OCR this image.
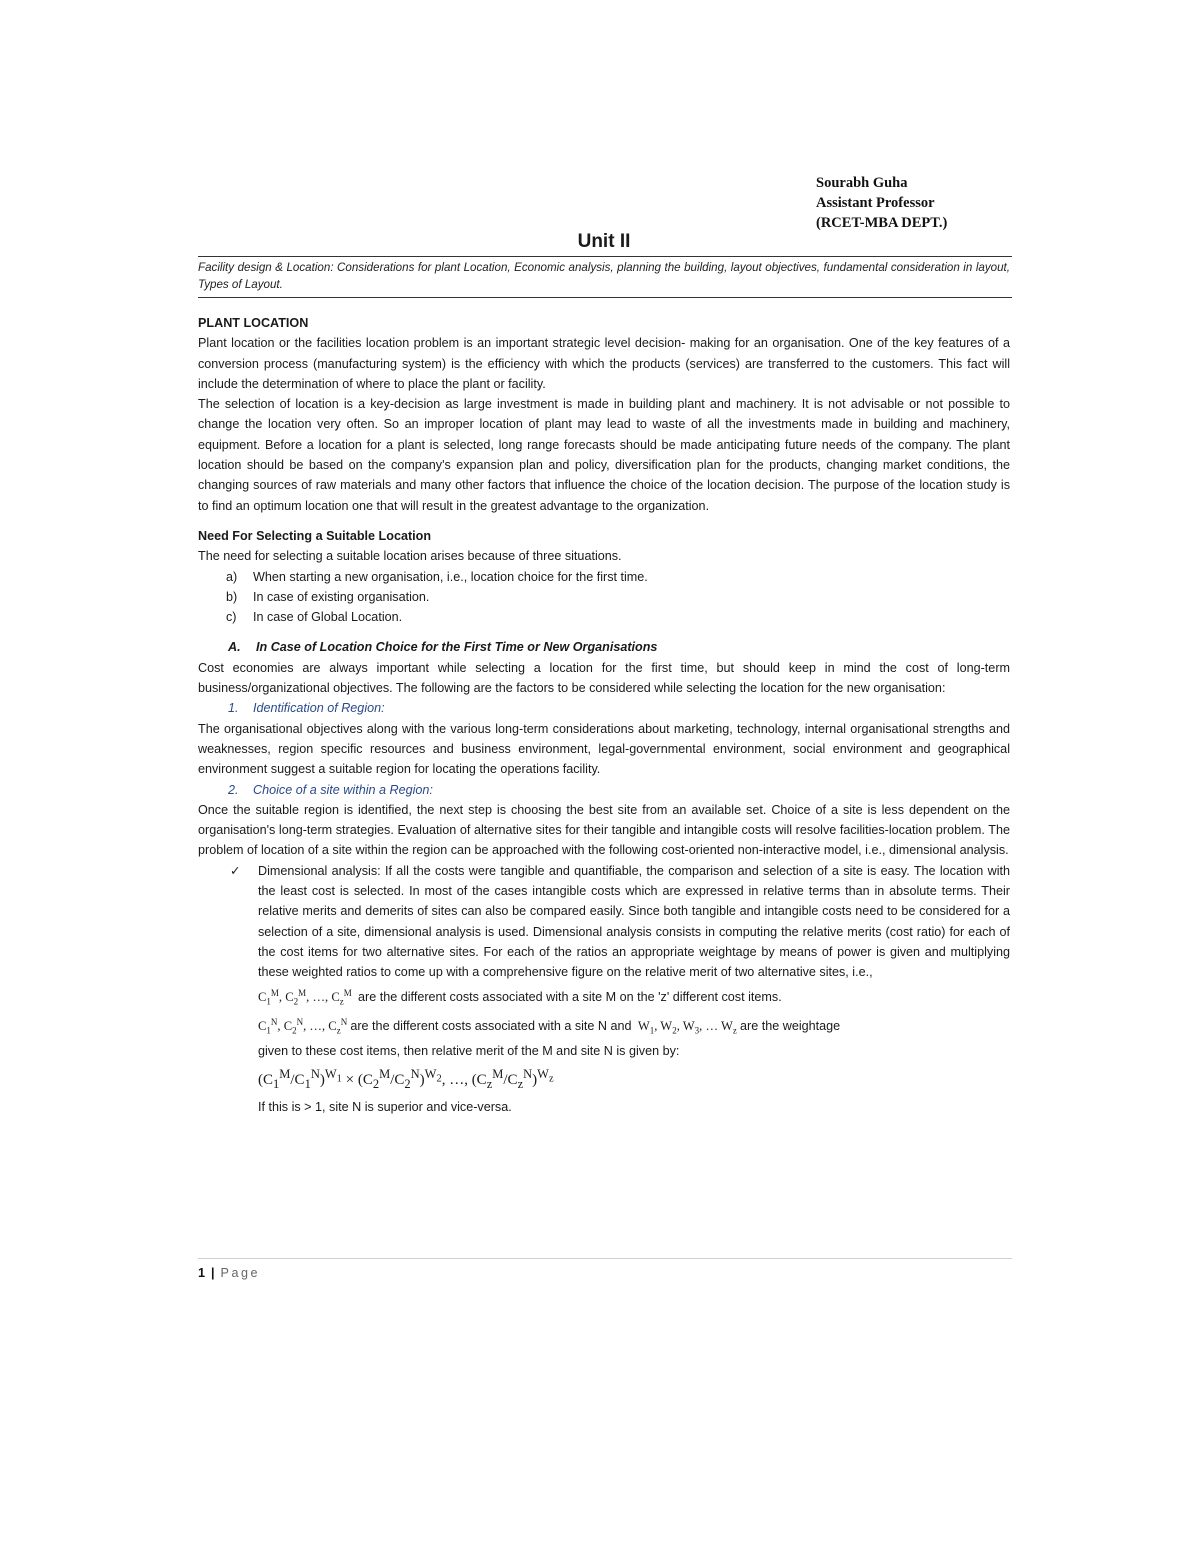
Sourabh Guha
Assistant Professor
(RCET-MBA DEPT.)
Unit II
Facility design & Location: Considerations for plant Location, Economic analysis, planning the building, layout objectives, fundamental consideration in layout, Types of Layout.

PLANT LOCATION

Plant location or the facilities location problem is an important strategic level decision- making for an organisation. One of the key features of a conversion process (manufacturing system) is the efficiency with which the products (services) are transferred to the customers. This fact will include the determination of where to place the plant or facility.

The selection of location is a key-decision as large investment is made in building plant and machinery. It is not advisable or not possible to change the location very often. So an improper location of plant may lead to waste of all the investments made in building and machinery, equipment. Before a location for a plant is selected, long range forecasts should be made anticipating future needs of the company. The plant location should be based on the company's expansion plan and policy, diversification plan for the products, changing market conditions, the changing sources of raw materials and many other factors that influence the choice of the location decision. The purpose of the location study is to find an optimum location one that will result in the greatest advantage to the organization.

Need For Selecting a Suitable Location

The need for selecting a suitable location arises because of three situations.

a) When starting a new organisation, i.e., location choice for the first time.
b) In case of existing organisation.
c) In case of Global Location.

A. In Case of Location Choice for the First Time or New Organisations

Cost economies are always important while selecting a location for the first time, but should keep in mind the cost of long-term business/organizational objectives. The following are the factors to be considered while selecting the location for the new organisation:

1. Identification of Region:

The organisational objectives along with the various long-term considerations about marketing, technology, internal organisational strengths and weaknesses, region specific resources and business environment, legal-governmental environment, social environment and geographical environment suggest a suitable region for locating the operations facility.

2. Choice of a site within a Region:

Once the suitable region is identified, the next step is choosing the best site from an available set. Choice of a site is less dependent on the organisation's long-term strategies. Evaluation of alternative sites for their tangible and intangible costs will resolve facilities-location problem. The problem of location of a site within the region can be approached with the following cost-oriented non-interactive model, i.e., dimensional analysis.

✓ Dimensional analysis: If all the costs were tangible and quantifiable, the comparison and selection of a site is easy. The location with the least cost is selected. In most of the cases intangible costs which are expressed in relative terms than in absolute terms. Their relative merits and demerits of sites can also be compared easily. Since both tangible and intangible costs need to be considered for a selection of a site, dimensional analysis is used. Dimensional analysis consists in computing the relative merits (cost ratio) for each of the cost items for two alternative sites. For each of the ratios an appropriate weightage by means of power is given and multiplying these weighted ratios to come up with a comprehensive figure on the relative merit of two alternative sites, i.e.,

$C_1^M$, $C_2^M$, …, $C_z^M$ are the different costs associated with a site M on the 'z' different cost items.

$C_1^N$, $C_2^N$, …, $C_z^N$ are the different costs associated with a site N and  $W_1$, $W_2$, $W_3$, … $W_z$ are the weightage

given to these cost items, then relative merit of the M and site N is given by:

$(C_1^M/C_1^N)^{W_1} \times (C_2^M/C_2^N)^{W_2}$, …, $(C_z^M/C_z^N)^{W_z}$

If this is > 1, site N is superior and vice-versa.

1 | Page
